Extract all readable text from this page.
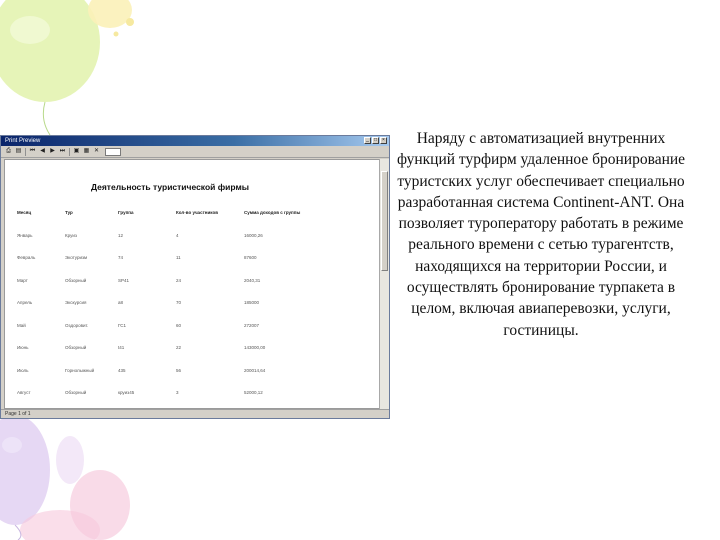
Print Preview	_	□	×
⎙ ▤ ⏮ ◀ ▶ ⏭ ▣ ▦ ✕
Деятельность туристической фирмы
Месяц	Тур	Группа	Кол-во участников	Сумма доходов с группы
Январь	Круиз	12	4	16000,26
Февраль	Экотуризм	74	11	87600
Март	Обзорный	SP41	24	2040,31
Апрель	Экскурсия	a8	70	185000
Май	Оздоровит.	ГС1	60	272007
Июнь	Обзорный	t41	22	143000,00
Июль	Горнолыжный	435	56	200014,64
Август	Обзорный	круиз45	3	52000,12

Page 1 of 1
Наряду с автоматизацией внутренних функций турфирм удаленное бронирование туристских услуг обеспечивает специально разработанная система Continent-ANT. Она позволяет туроператору работать в режиме реального времени с сетью турагентств, находящихся на территории России, и осуществлять бронирование турпакета в целом, включая авиаперевозки, услуги, гостиницы.
